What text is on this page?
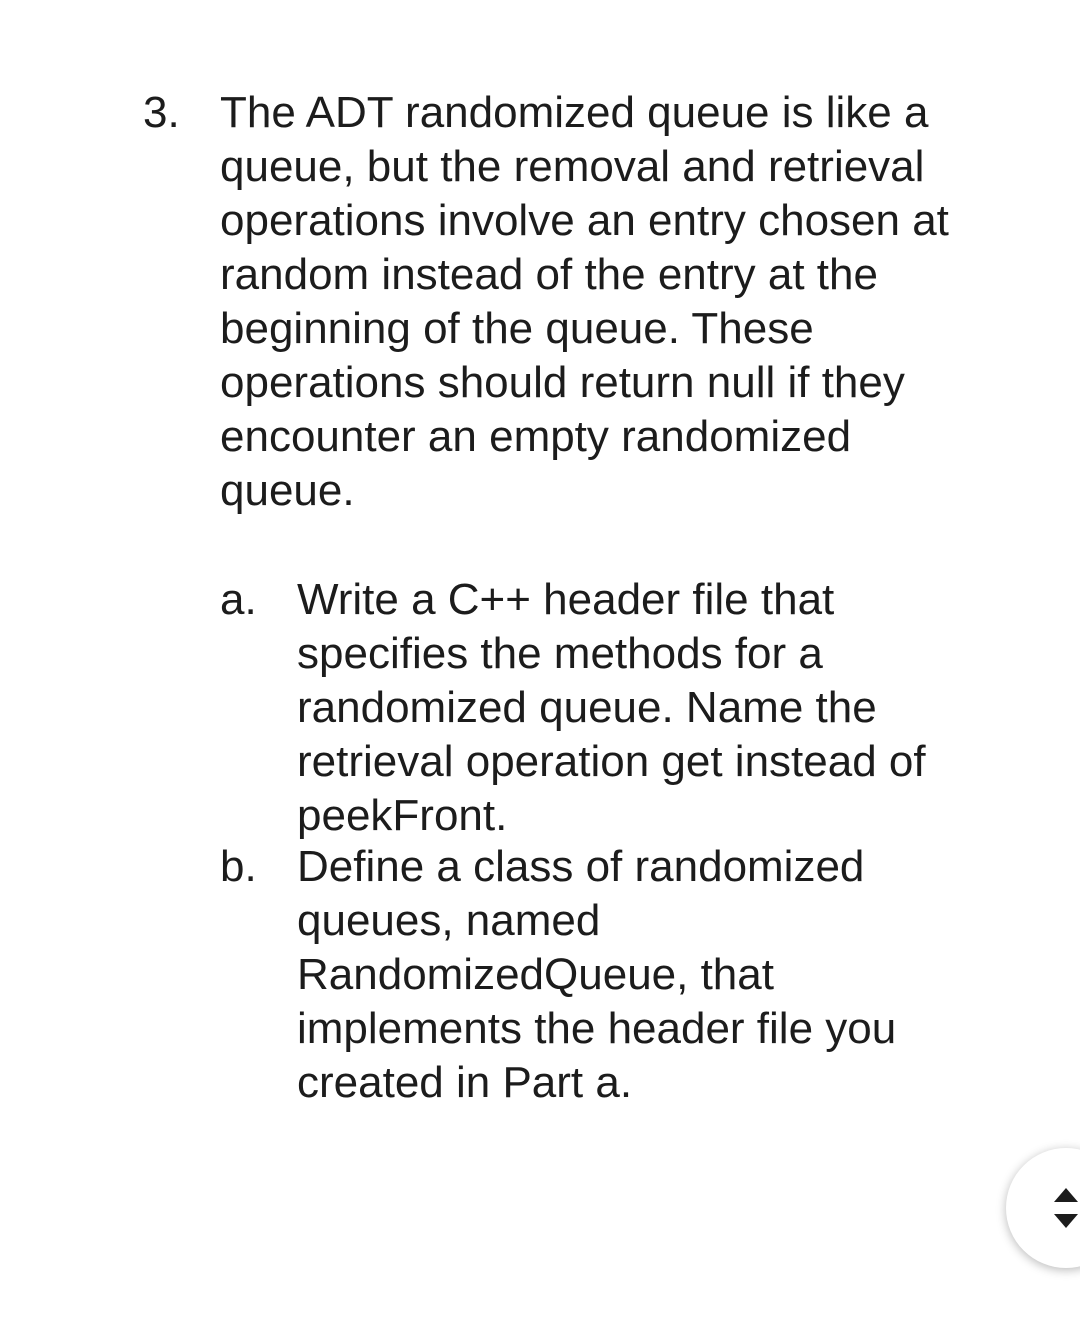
3. The ADT randomized queue is like a
queue, but the removal and retrieval
operations involve an entry chosen at
random instead of the entry at the
beginning of the queue. These
operations should return null if they
encounter an empty randomized
queue.
a. Write a C++ header file that
specifies the methods for a
randomized queue. Name the
retrieval operation get instead of
peekFront.
b. Define a class of randomized
queues, named
RandomizedQueue, that
implements the header file you
created in Part a.
